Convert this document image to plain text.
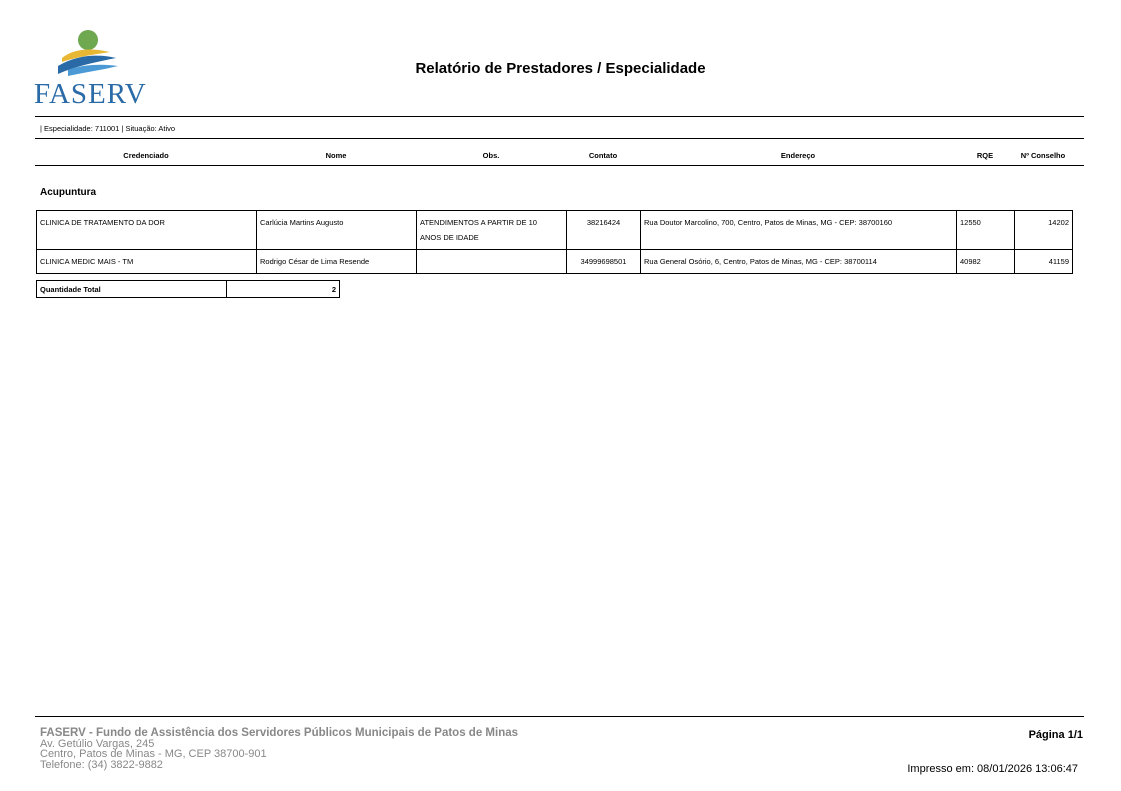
FASERV
Relatório de Prestadores / Especialidade
| Especialidade: 711001 | Situação: Ativo
Credenciado	Nome	Obs.	Contato	Endereço	RQE	Nº Conselho
Acupuntura
CLINICA DE TRATAMENTO DA DOR	Carlúcia Martins Augusto	ATENDIMENTOS A PARTIR DE 10
ANOS DE IDADE	38216424	Rua Doutor Marcolino, 700, Centro, Patos de Minas, MG - CEP: 38700160	12550	14202
CLINICA MEDIC MAIS - TM	Rodrigo César de Lima Resende		34999698501	Rua General Osório, 6, Centro, Patos de Minas, MG - CEP: 38700114	40982	41159
Quantidade Total	2
FASERV - Fundo de Assistência dos Servidores Públicos Municipais de Patos de Minas
Av. Getúlio Vargas, 245
Centro, Patos de Minas - MG, CEP 38700-901
Telefone: (34) 3822-9882
Página 1/1
Impresso em: 08/01/2026 13:06:47
